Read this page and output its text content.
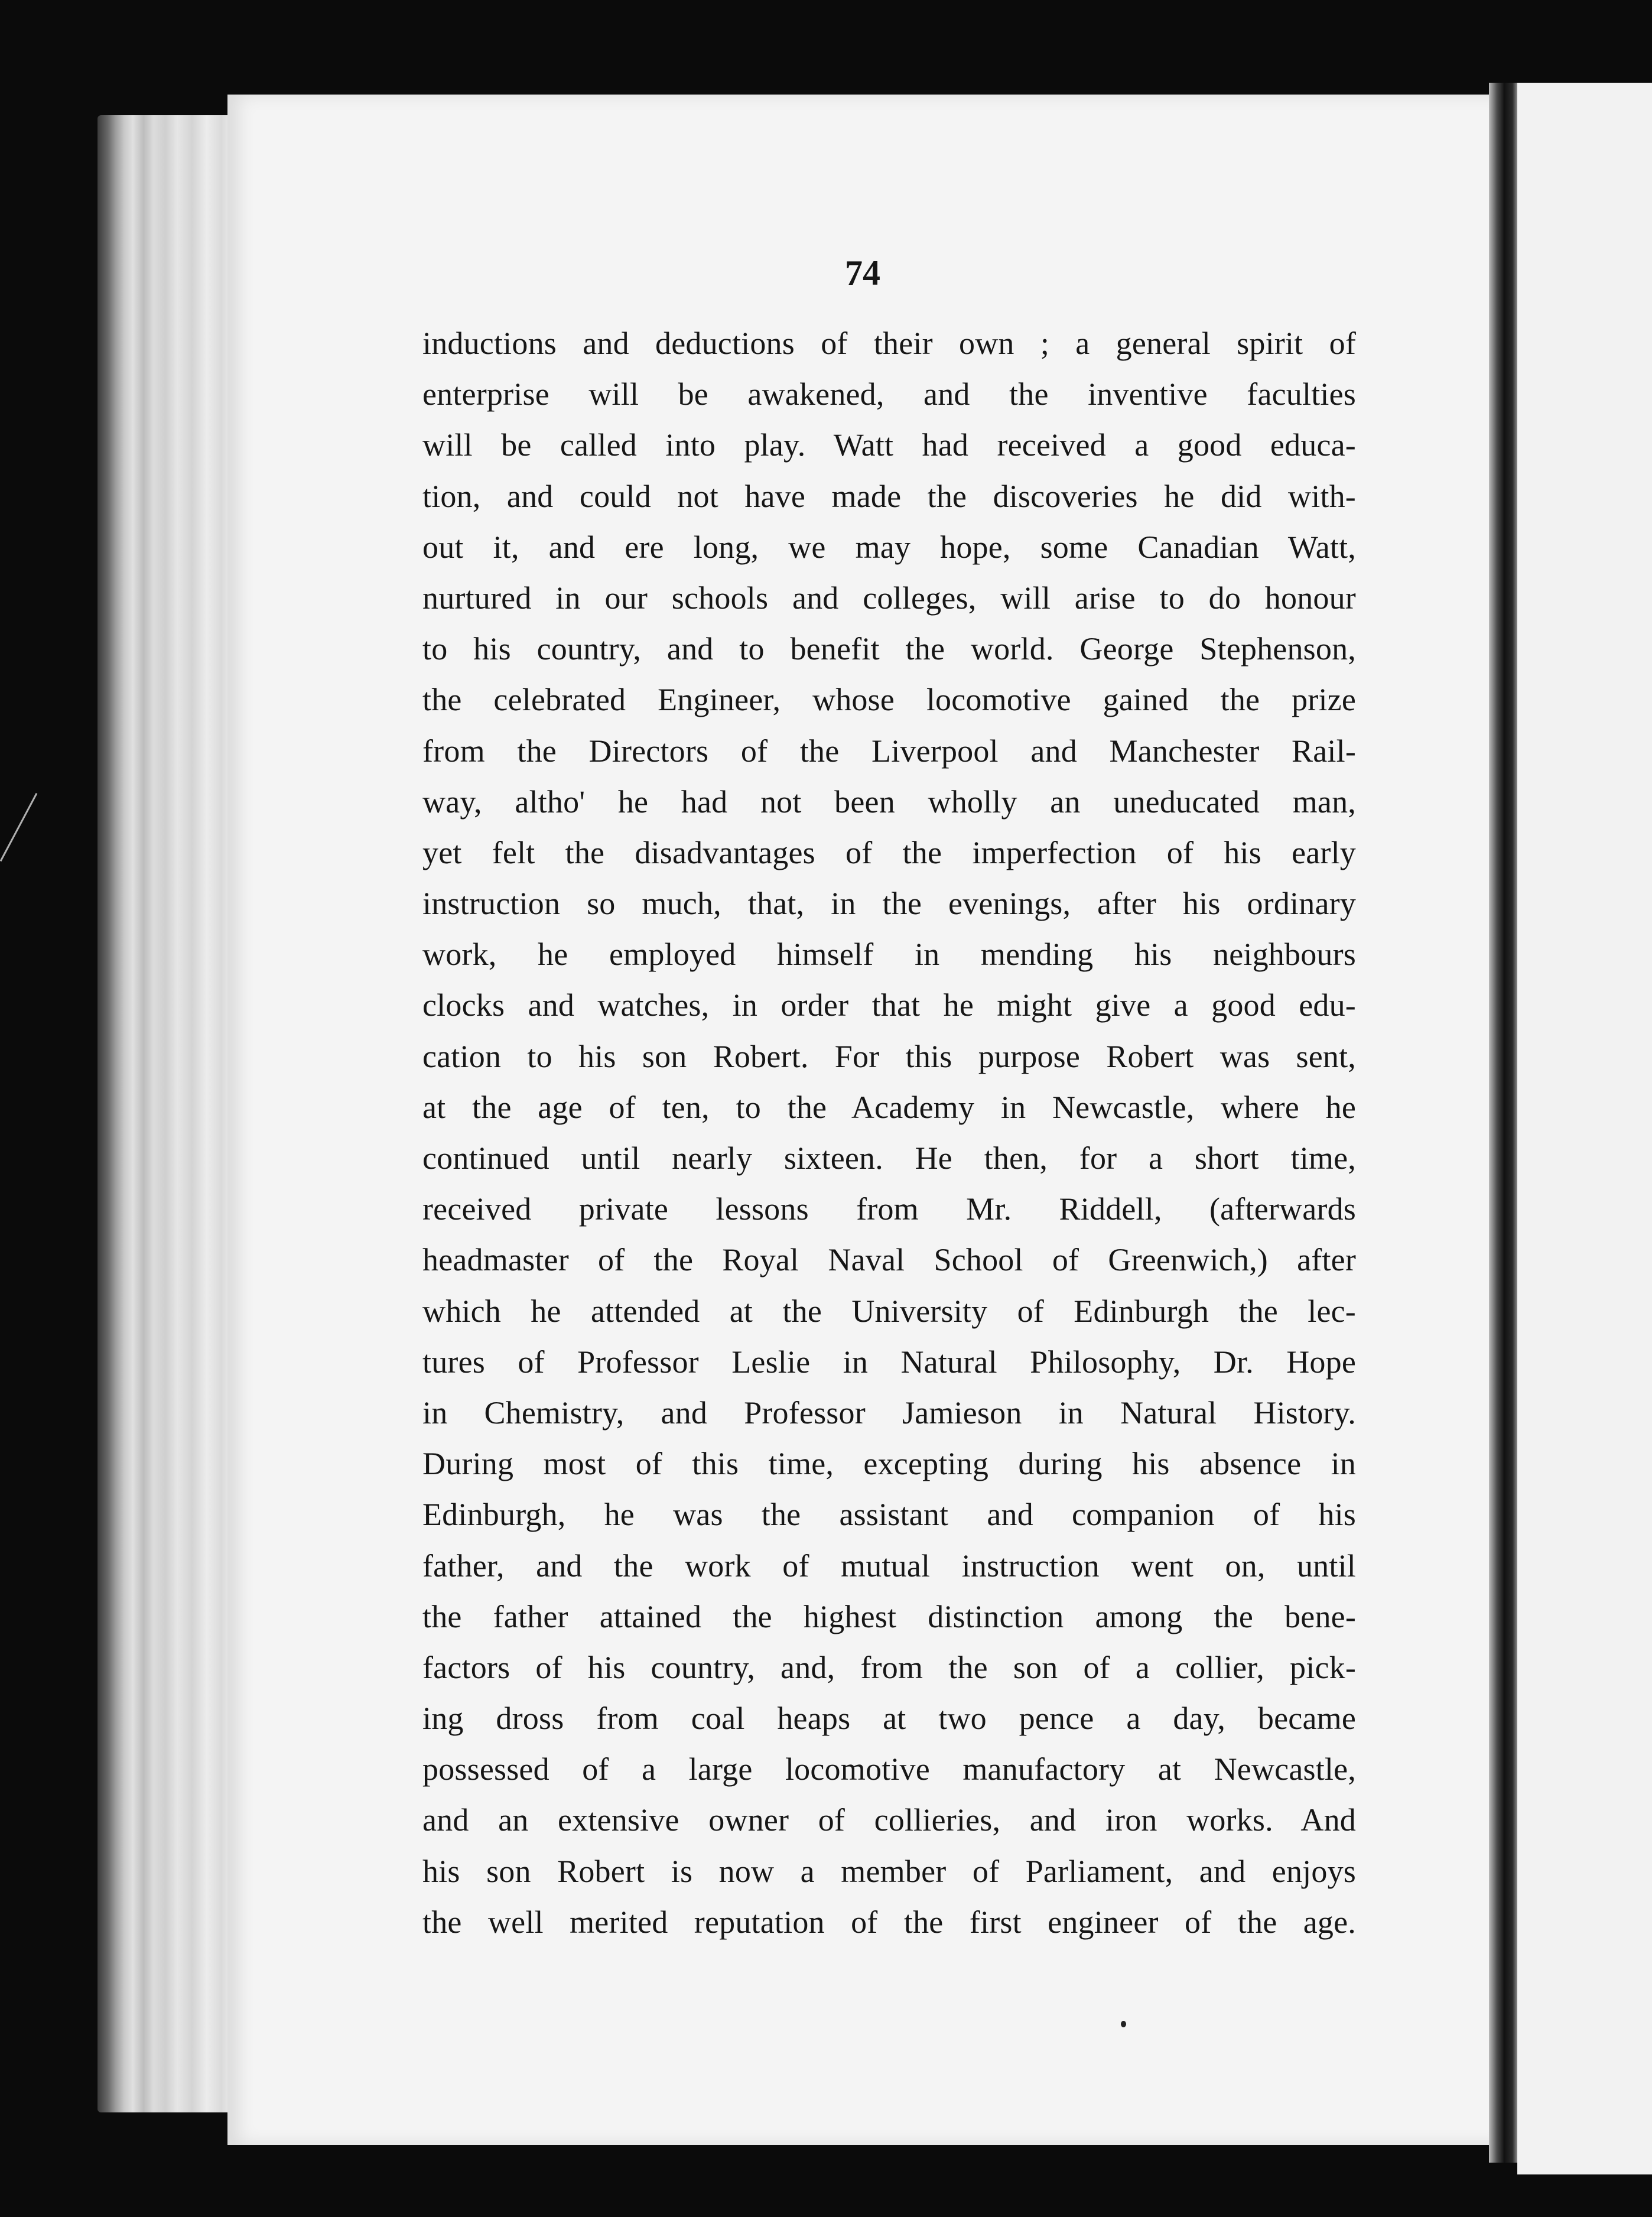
74
inductions and deductions of their own ; a general spirit of
enterprise will be awakened, and the inventive faculties
will be called into play. Watt had received a good educa-
tion, and could not have made the discoveries he did with-
out it, and ere long, we may hope, some Canadian Watt,
nurtured in our schools and colleges, will arise to do honour
to his country, and to benefit the world. George Stephenson,
the celebrated Engineer, whose locomotive gained the prize
from the Directors of the Liverpool and Manchester Rail-
way, altho' he had not been wholly an uneducated man,
yet felt the disadvantages of the imperfection of his early
instruction so much, that, in the evenings, after his ordinary
work, he employed himself in mending his neighbours
clocks and watches, in order that he might give a good edu-
cation to his son Robert. For this purpose Robert was sent,
at the age of ten, to the Academy in Newcastle, where he
continued until nearly sixteen. He then, for a short time,
received private lessons from Mr. Riddell, (afterwards
headmaster of the Royal Naval School of Greenwich,) after
which he attended at the University of Edinburgh the lec-
tures of Professor Leslie in Natural Philosophy, Dr. Hope
in Chemistry, and Professor Jamieson in Natural History.
During most of this time, excepting during his absence in
Edinburgh, he was the assistant and companion of his
father, and the work of mutual instruction went on, until
the father attained the highest distinction among the bene-
factors of his country, and, from the son of a collier, pick-
ing dross from coal heaps at two pence a day, became
possessed of a large locomotive manufactory at Newcastle,
and an extensive owner of collieries, and iron works. And
his son Robert is now a member of Parliament, and enjoys
the well merited reputation of the first engineer of the age.
